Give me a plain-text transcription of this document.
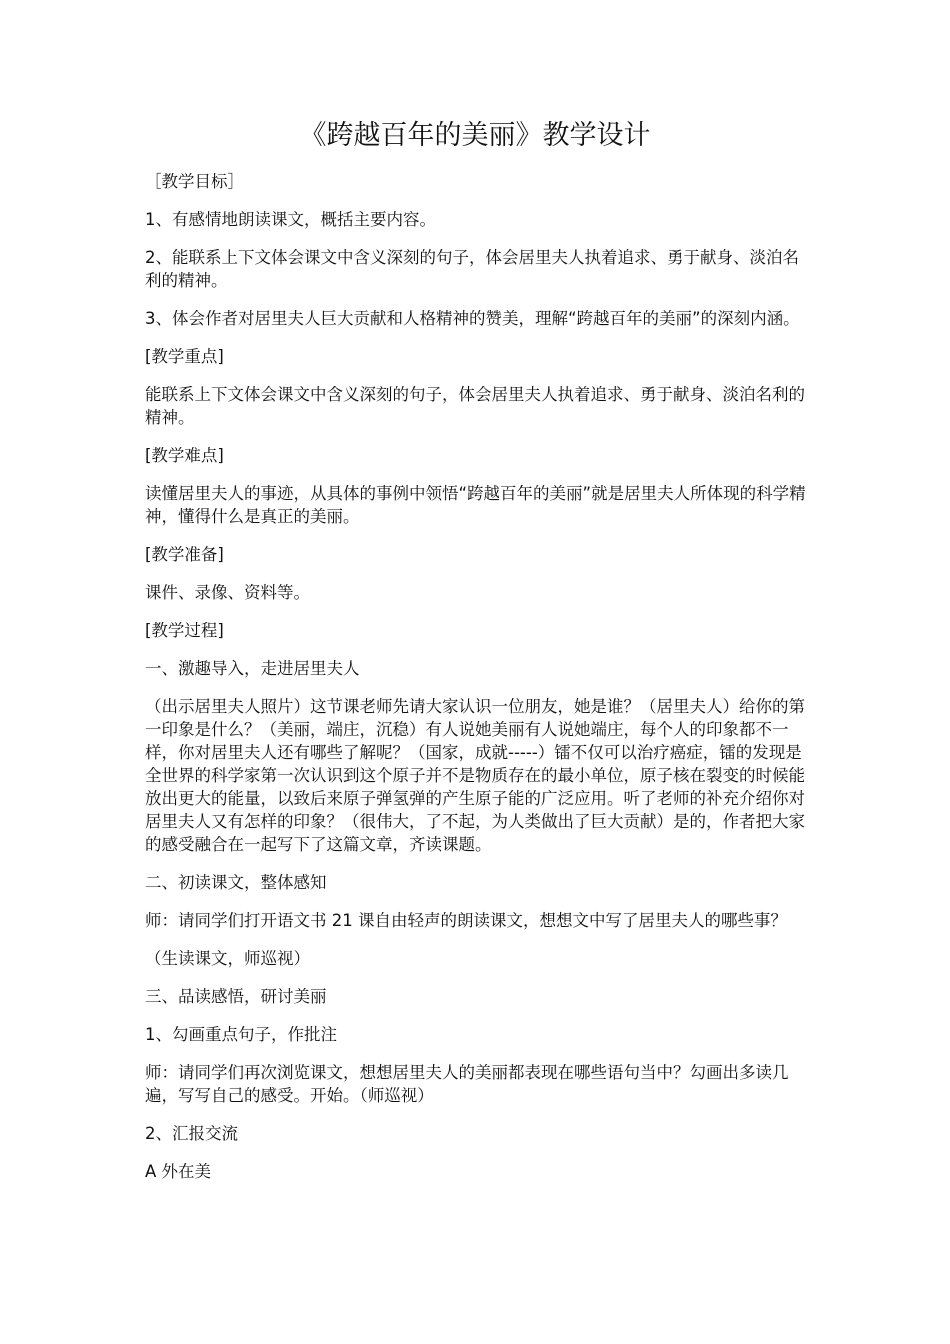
《跨越百年的美丽》教学设计

［教学目标］

1、有感情地朗读课文，概括主要内容。

2、能联系上下文体会课文中含义深刻的句子，体会居里夫人执着追求、勇于献身、淡泊名利的精神。

3、体会作者对居里夫人巨大贡献和人格精神的赞美，理解“跨越百年的美丽”的深刻内涵。

[教学重点]

能联系上下文体会课文中含义深刻的句子，体会居里夫人执着追求、勇于献身、淡泊名利的精神。

[教学难点]

读懂居里夫人的事迹，从具体的事例中领悟“跨越百年的美丽”就是居里夫人所体现的科学精神，懂得什么是真正的美丽。

[教学准备]

课件、录像、资料等。

[教学过程]

一、激趣导入，走进居里夫人

（出示居里夫人照片）这节课老师先请大家认识一位朋友，她是谁？（居里夫人）给你的第一印象是什么？（美丽，端庄，沉稳）有人说她美丽有人说她端庄，每个人的印象都不一样，你对居里夫人还有哪些了解呢？（国家，成就-----）镭不仅可以治疗癌症，镭的发现是全世界的科学家第一次认识到这个原子并不是物质存在的最小单位，原子核在裂变的时候能放出更大的能量，以致后来原子弹氢弹的产生原子能的广泛应用。听了老师的补充介绍你对居里夫人又有怎样的印象？（很伟大，了不起，为人类做出了巨大贡献）是的，作者把大家的感受融合在一起写下了这篇文章，齐读课题。

二、初读课文，整体感知

师：请同学们打开语文书 21 课自由轻声的朗读课文，想想文中写了居里夫人的哪些事？

（生读课文，师巡视）

三、品读感悟，研讨美丽

1、勾画重点句子，作批注

师：请同学们再次浏览课文，想想居里夫人的美丽都表现在哪些语句当中？勾画出多读几遍，写写自己的感受。开始。（师巡视）

2、汇报交流

A 外在美
